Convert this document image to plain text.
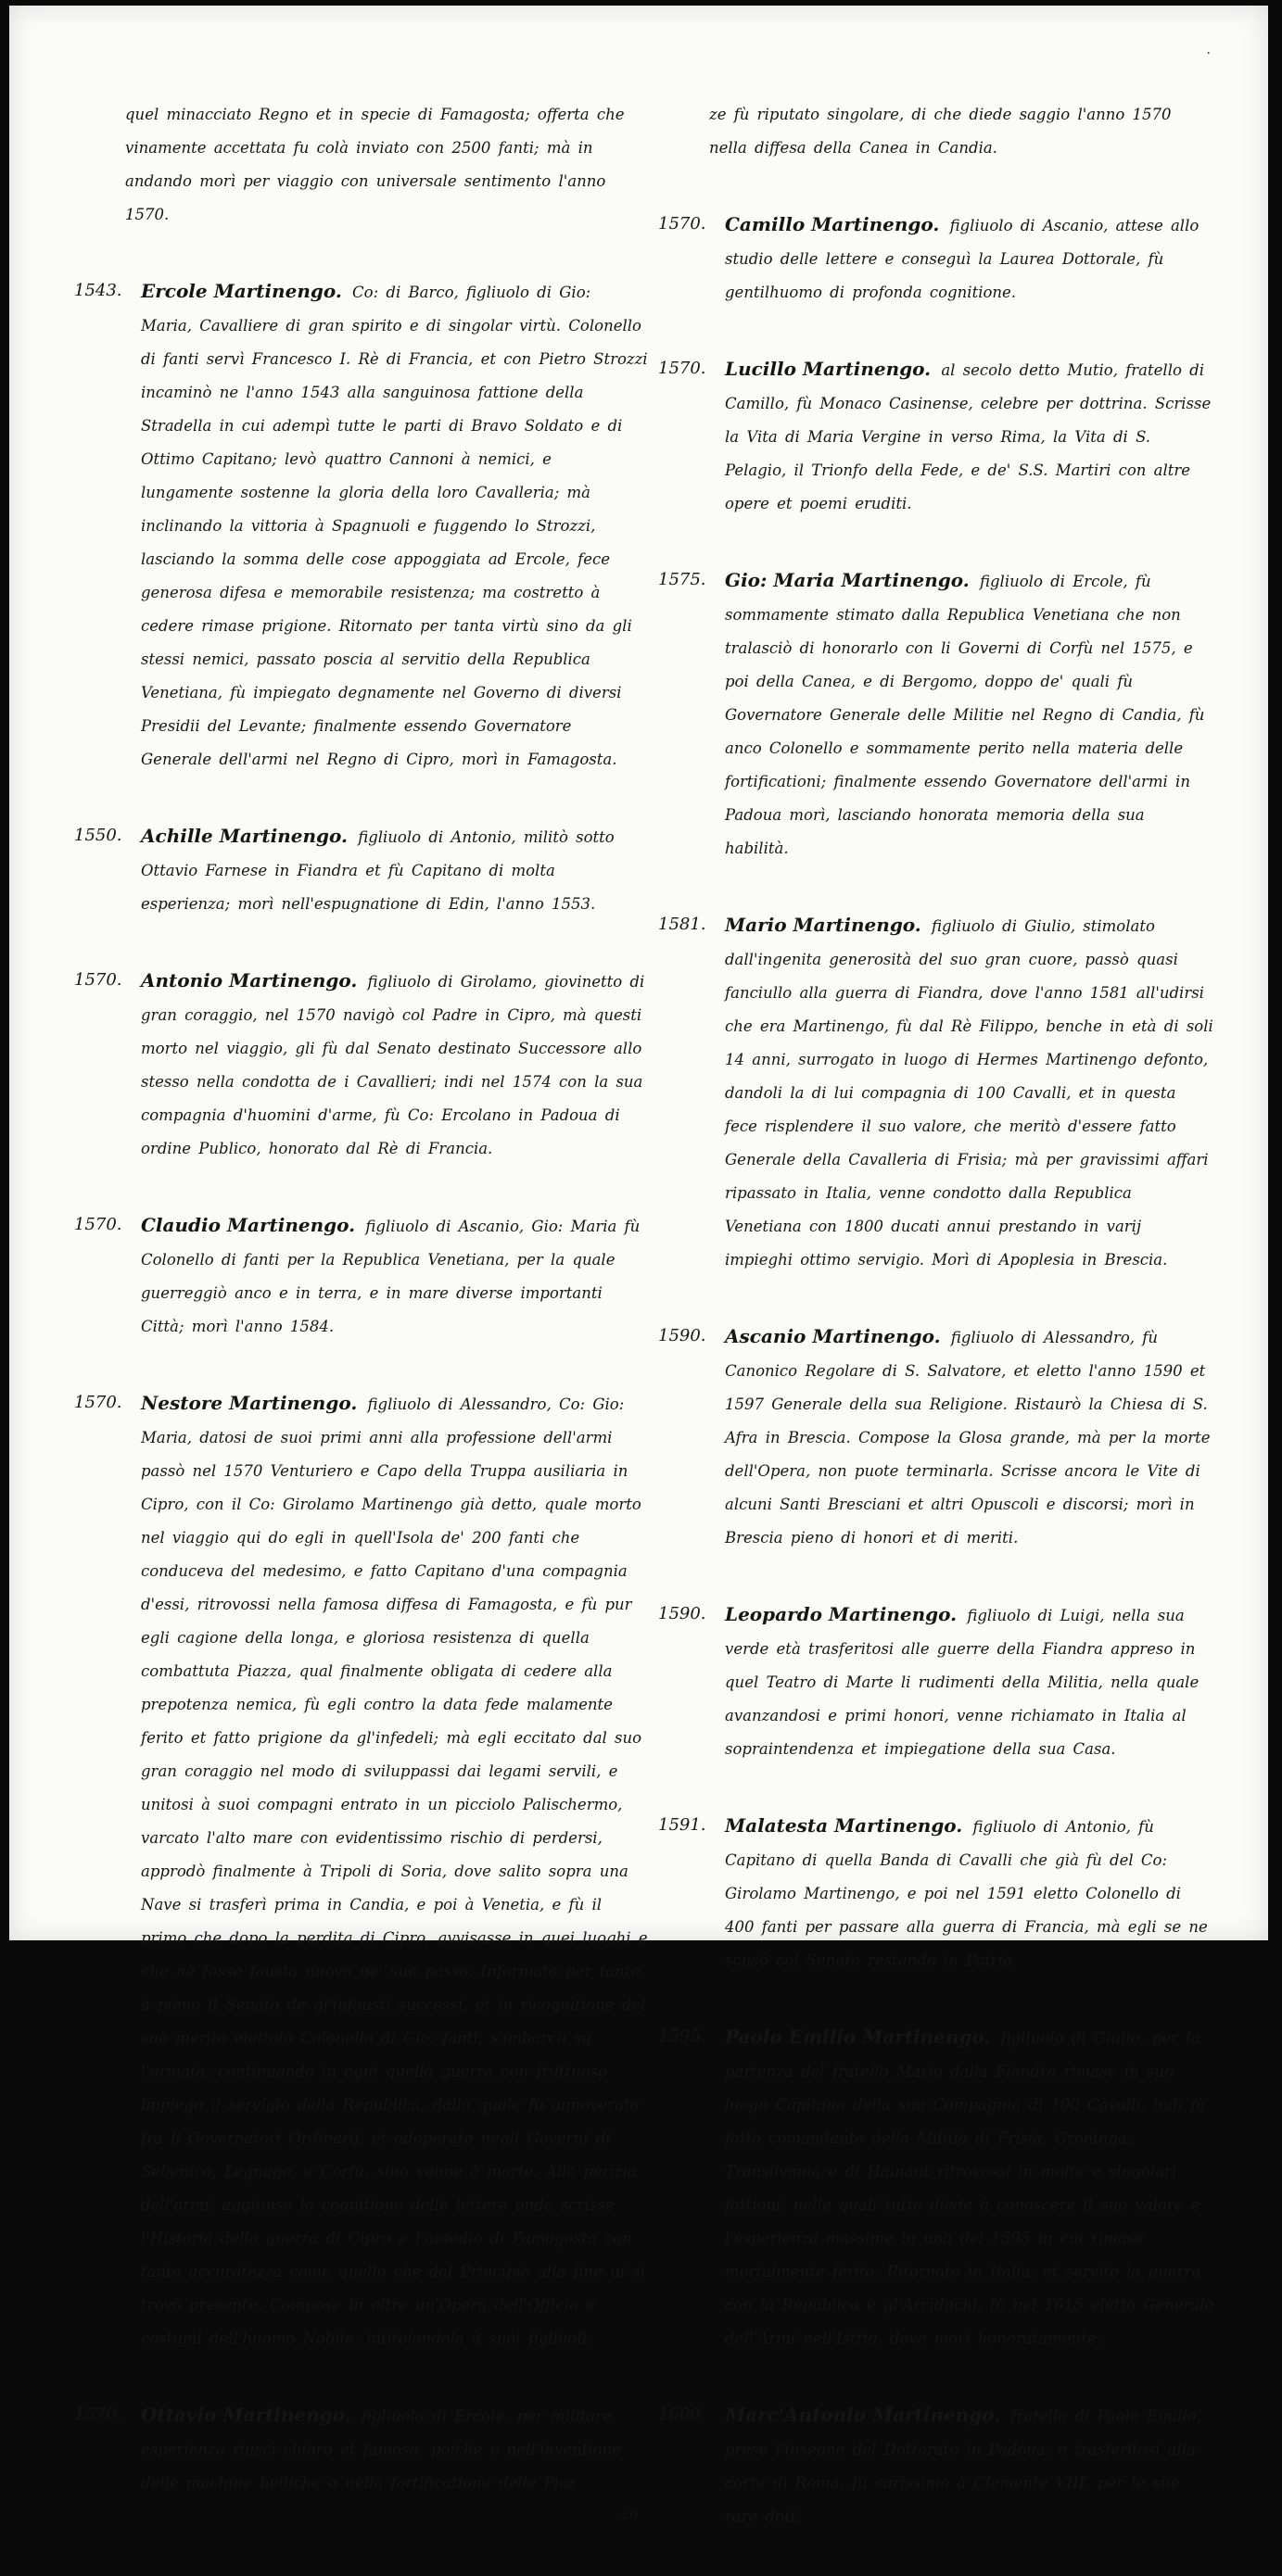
·
quel minacciato Regno et in specie di Famagosta; offerta che vinamente accettata fu colà inviato con 2500 fanti; mà in andando morì per viaggio con universale sentimento l'anno 1570.
1543. Ercole Martinengo. Co: di Barco, figliuolo di Gio: Maria, Cavalliere di gran spirito e di singolar virtù. Colonello di fanti servì Francesco I. Rè di Francia, et con Pietro Strozzi incaminò ne l'anno 1543 alla sanguinosa fattione della Stradella in cui adempì tutte le parti di Bravo Soldato e di Ottimo Capitano; levò quattro Cannoni à nemici, e lungamente sostenne la gloria della loro Cavalleria; mà inclinando la vittoria à Spagnuoli e fuggendo lo Strozzi, lasciando la somma delle cose appoggiata ad Ercole, fece generosa difesa e memorabile resistenza; ma costretto à cedere rimase prigione. Ritornato per tanta virtù sino da gli stessi nemici, passato poscia al servitio della Republica Venetiana, fù impiegato degnamente nel Governo di diversi Presidii del Levante; finalmente essendo Governatore Generale dell'armi nel Regno di Cipro, morì in Famagosta.
1550. Achille Martinengo. figliuolo di Antonio, militò sotto Ottavio Farnese in Fiandra et fù Capitano di molta esperienza; morì nell'espugnatione di Edin, l'anno 1553.
1570. Antonio Martinengo. figliuolo di Girolamo, giovinetto di gran coraggio, nel 1570 navigò col Padre in Cipro, mà questi morto nel viaggio, gli fù dal Senato destinato Successore allo stesso nella condotta de i Cavallieri; indi nel 1574 con la sua compagnia d'huomini d'arme, fù Co: Ercolano in Padoua di ordine Publico, honorato dal Rè di Francia.
1570. Claudio Martinengo. figliuolo di Ascanio, Gio: Maria fù Colonello di fanti per la Republica Venetiana, per la quale guerreggiò anco e in terra, e in mare diverse importanti Città; morì l'anno 1584.
1570. Nestore Martinengo. figliuolo di Alessandro, Co: Gio: Maria, datosi de suoi primi anni alla professione dell'armi passò nel 1570 Venturiero e Capo della Truppa ausiliaria in Cipro, con il Co: Girolamo Martinengo già detto, quale morto nel viaggio qui do egli in quell'Isola de' 200 fanti che conduceva del medesimo, e fatto Capitano d'una compagnia d'essi, ritrovossi nella famosa diffesa di Famagosta, e fù pur egli cagione della longa, e gloriosa resistenza di quella combattuta Piazza, qual finalmente obligata di cedere alla prepotenza nemica, fù egli contro la data fede malamente ferito et fatto prigione da gl'infedeli; mà egli eccitato dal suo gran coraggio nel modo di sviluppassi dai legami servili, e unitosi à suoi compagni entrato in un picciolo Palischermo, varcato l'alto mare con evidentissimo rischio di perdersi, approdò finalmente à Tripoli di Soria, dove salito sopra una Nave si trasferì prima in Candia, e poi à Venetia, e fù il primo che dopo la perdita di Cipro, avvisasse in quei luoghi e che nè fosse fausta nuova ne' suo passo. Informato per tanto à pieno il Senato de gl'infausti successi, et in ricognitione del suo merito elettolo Colonello di Gio: fanti, s'imbarcò su l'armata, continuando in ogni quella guerra con fruttuoso impiego il servigio della Republica, dalla quale fù annoverato fra li Governatori Ordinarij, et adoperato negli Governi di Sebenico, Legnago, e Corfù, sino venne à morte. Alla perizia dell'armi, aggiunse la cognitione delle lettere onde scrisse l'Historia della guerra di Cipro e l'assedio di Famagosta con tanta accuratezza come quello che dal Principio alla fine ui si trovò presente. Compose in oltre un'Opera dell'Officio e costumi dell'huomo Nobile, intitolandola à suoi figliuoli.
1570. Ottavio Martinengo. figliuolo di Ercole, per militare esperienza riuscì chiaro et famoso, poiche e nell'inventione delle machine belliche o nella fortificatione delle Piaz
20
ze fù riputato singolare, di che diede saggio l'anno 1570 nella diffesa della Canea in Candia.
1570. Camillo Martinengo. figliuolo di Ascanio, attese allo studio delle lettere e conseguì la Laurea Dottorale, fù gentilhuomo di profonda cognitione.
1570. Lucillo Martinengo. al secolo detto Mutio, fratello di Camillo, fù Monaco Casinense, celebre per dottrina. Scrisse la Vita di Maria Vergine in verso Rima, la Vita di S. Pelagio, il Trionfo della Fede, e de' S.S. Martiri con altre opere et poemi eruditi.
1575. Gio: Maria Martinengo. figliuolo di Ercole, fù sommamente stimato dalla Republica Venetiana che non tralasciò di honorarlo con li Governi di Corfù nel 1575, e poi della Canea, e di Bergomo, doppo de' quali fù Governatore Generale delle Militie nel Regno di Candia, fù anco Colonello e sommamente perito nella materia delle fortificationi; finalmente essendo Governatore dell'armi in Padoua morì, lasciando honorata memoria della sua habilità.
1581. Mario Martinengo. figliuolo di Giulio, stimolato dall'ingenita generosità del suo gran cuore, passò quasi fanciullo alla guerra di Fiandra, dove l'anno 1581 all'udirsi che era Martinengo, fù dal Rè Filippo, benche in età di soli 14 anni, surrogato in luogo di Hermes Martinengo defonto, dandoli la di lui compagnia di 100 Cavalli, et in questa fece risplendere il suo valore, che meritò d'essere fatto Generale della Cavalleria di Frisia; mà per gravissimi affari ripassato in Italia, venne condotto dalla Republica Venetiana con 1800 ducati annui prestando in varij impieghi ottimo servigio. Morì di Apoplesia in Brescia.
1590. Ascanio Martinengo. figliuolo di Alessandro, fù Canonico Regolare di S. Salvatore, et eletto l'anno 1590 et 1597 Generale della sua Religione. Ristaurò la Chiesa di S. Afra in Brescia. Compose la Glosa grande, mà per la morte dell'Opera, non puote terminarla. Scrisse ancora le Vite di alcuni Santi Bresciani et altri Opuscoli e discorsi; morì in Brescia pieno di honori et di meriti.
1590. Leopardo Martinengo. figliuolo di Luigi, nella sua verde età trasferitosi alle guerre della Fiandra appreso in quel Teatro di Marte li rudimenti della Militia, nella quale avanzandosi e primi honori, venne richiamato in Italia al sopraintendenza et impiegatione della sua Casa.
1591. Malatesta Martinengo. figliuolo di Antonio, fù Capitano di quella Banda di Cavalli che già fù del Co: Girolamo Martinengo, e poi nel 1591 eletto Colonello di 400 fanti per passare alla guerra di Francia, mà egli se ne scusò col Senato restando in Patria.
1595. Paolo Emilio Martinengo. figliuolo di Giulio, per la partenza del fratello Mario dalla Fiandra rimase in suo luogo Capitano della sua Compagnia di 100 Cavalli, indi fù fatto comandante della Militia di Frisia, Groninga, Transilvania e di Hainaut ritrovossi in molte e singolari fattioni, nelle quali tutte diede à conoscere il suo valore e l'esperienza massime in una del 1595 in cui rimase mortalmente ferito. Ritornato in Italia, et servito la guerra con la Republica e gl'Arciduchi, fù nel 1615 eletto Generale dell'Armi nell'Istria, dove morì honoratamente.
1600. Marc'Antonio Martinengo. fratello di Paolo Emilio, prese l'insegne del Dottorato in Padoua, e trasferitosi alla corte di Roma, fù carissimo à Clemente VIII. per le sue rare doti.
